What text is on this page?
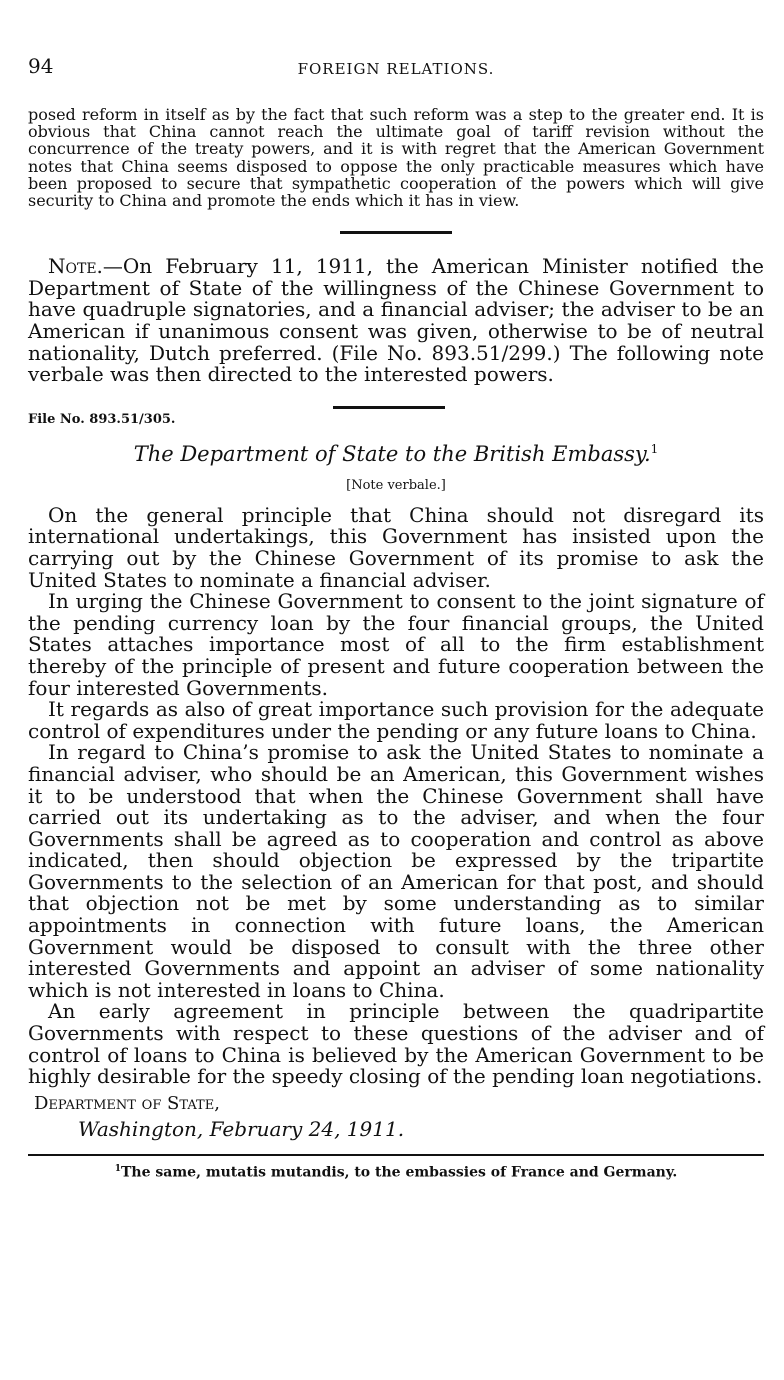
94	FOREIGN RELATIONS.

posed reform in itself as by the fact that such reform was a step to the greater end. It is obvious that China cannot reach the ultimate goal of tariff revision without the concurrence of the treaty powers, and it is with regret that the American Government notes that China seems disposed to oppose the only practicable measures which have been proposed to secure that sympathetic cooperation of the powers which will give security to China and promote the ends which it has in view.

Note.—On February 11, 1911, the American Minister notified the Department of State of the willingness of the Chinese Government to have quadruple signatories, and a financial adviser; the adviser to be an American if unanimous consent was given, otherwise to be of neutral nationality, Dutch preferred. (File No. 893.51/299.) The following note verbale was then directed to the interested powers.

File No. 893.51/305.
The Department of State to the British Embassy.$^1$
[Note verbale.]

On the general principle that China should not disregard its international undertakings, this Government has insisted upon the carrying out by the Chinese Government of its promise to ask the United States to nominate a financial adviser.

In urging the Chinese Government to consent to the joint signature of the pending currency loan by the four financial groups, the United States attaches importance most of all to the firm establishment thereby of the principle of present and future cooperation between the four interested Governments.

It regards as also of great importance such provision for the adequate control of expenditures under the pending or any future loans to China.

In regard to China’s promise to ask the United States to nominate a financial adviser, who should be an American, this Government wishes it to be understood that when the Chinese Government shall have carried out its undertaking as to the adviser, and when the four Governments shall be agreed as to cooperation and control as above indicated, then should objection be expressed by the tripartite Governments to the selection of an American for that post, and should that objection not be met by some understanding as to similar appointments in connection with future loans, the American Government would be disposed to consult with the three other interested Governments and appoint an adviser of some nationality which is not interested in loans to China.

An early agreement in principle between the quadripartite Governments with respect to these questions of the adviser and of control of loans to China is believed by the American Government to be highly desirable for the speedy closing of the pending loan negotiations.

Department of State,
Washington, February 24, 1911.
$^1$The same, mutatis mutandis, to the embassies of France and Germany.
